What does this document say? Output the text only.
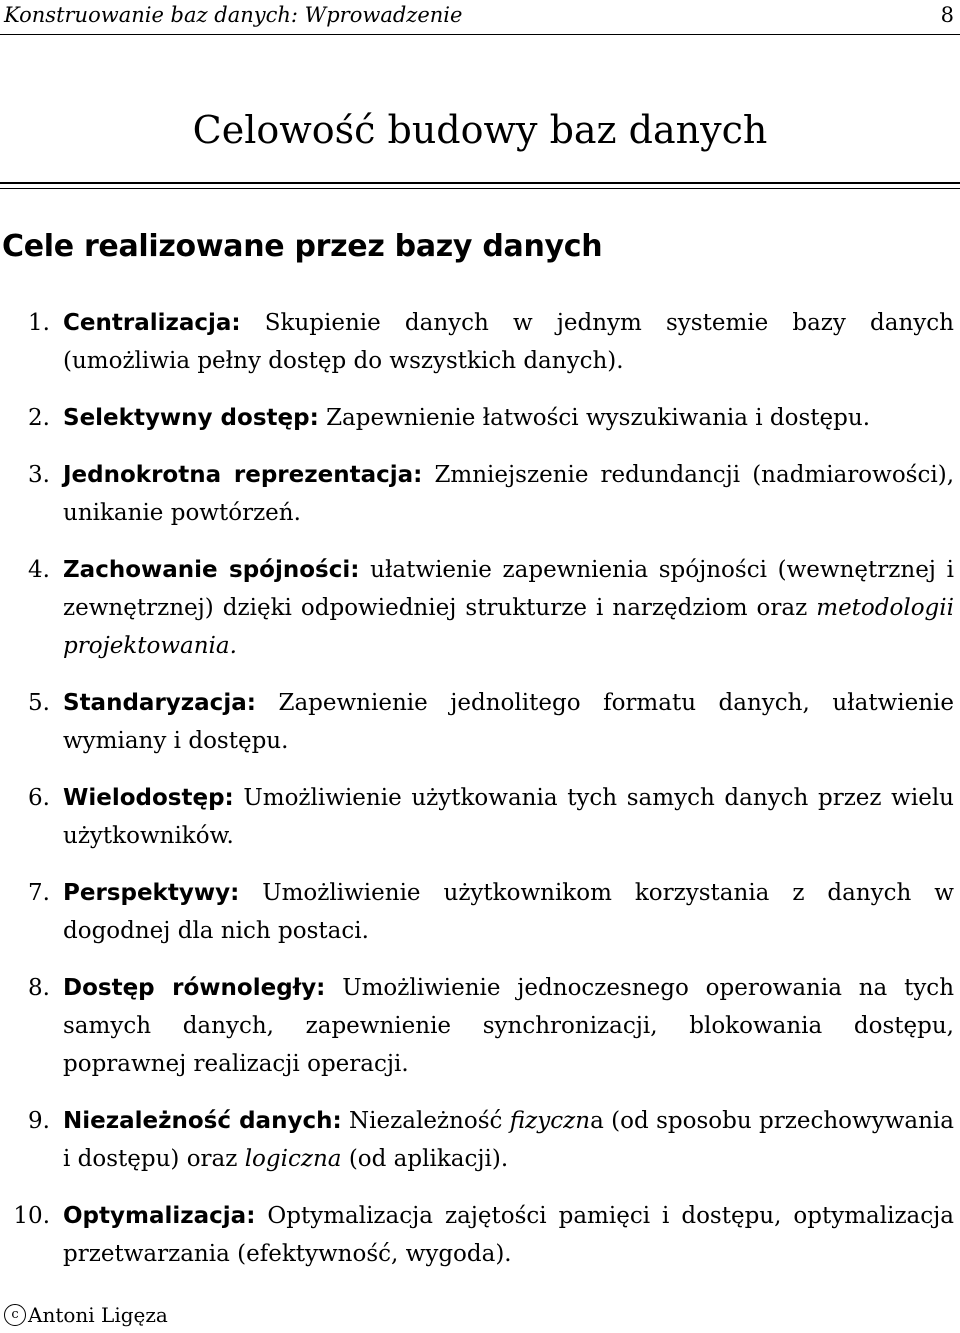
Konstruowanie baz danych: Wprowadzenie	8
Celowość budowy baz danych
Cele realizowane przez bazy danych
1. Centralizacja: Skupienie danych w jednym systemie bazy danych (umożliwia pełny dostęp do wszystkich danych).
2. Selektywny dostęp: Zapewnienie łatwości wyszukiwania i dostępu.
3. Jednokrotna reprezentacja: Zmniejszenie redundancji (nadmiarowości), unikanie powtórzeń.
4. Zachowanie spójności: ułatwienie zapewnienia spójności (wewnętrznej i zewnętrznej) dzięki odpowiedniej strukturze i narzędziom oraz metodologii projektowania.
5. Standaryzacja: Zapewnienie jednolitego formatu danych, ułatwienie wymiany i dostępu.
6. Wielodostęp: Umożliwienie użytkowania tych samych danych przez wielu użytkowników.
7. Perspektywy: Umożliwienie użytkownikom korzystania z danych w dogodnej dla nich postaci.
8. Dostęp równoległy: Umożliwienie jednoczesnego operowania na tych samych danych, zapewnienie synchronizacji, blokowania dostępu, poprawnej realizacji operacji.
9. Niezależność danych: Niezależność fizyczna (od sposobu przechowywania i dostępu) oraz logiczna (od aplikacji).
10. Optymalizacja: Optymalizacja zajętości pamięci i dostępu, optymalizacja przetwarzania (efektywność, wygoda).
c Antoni Ligęza
